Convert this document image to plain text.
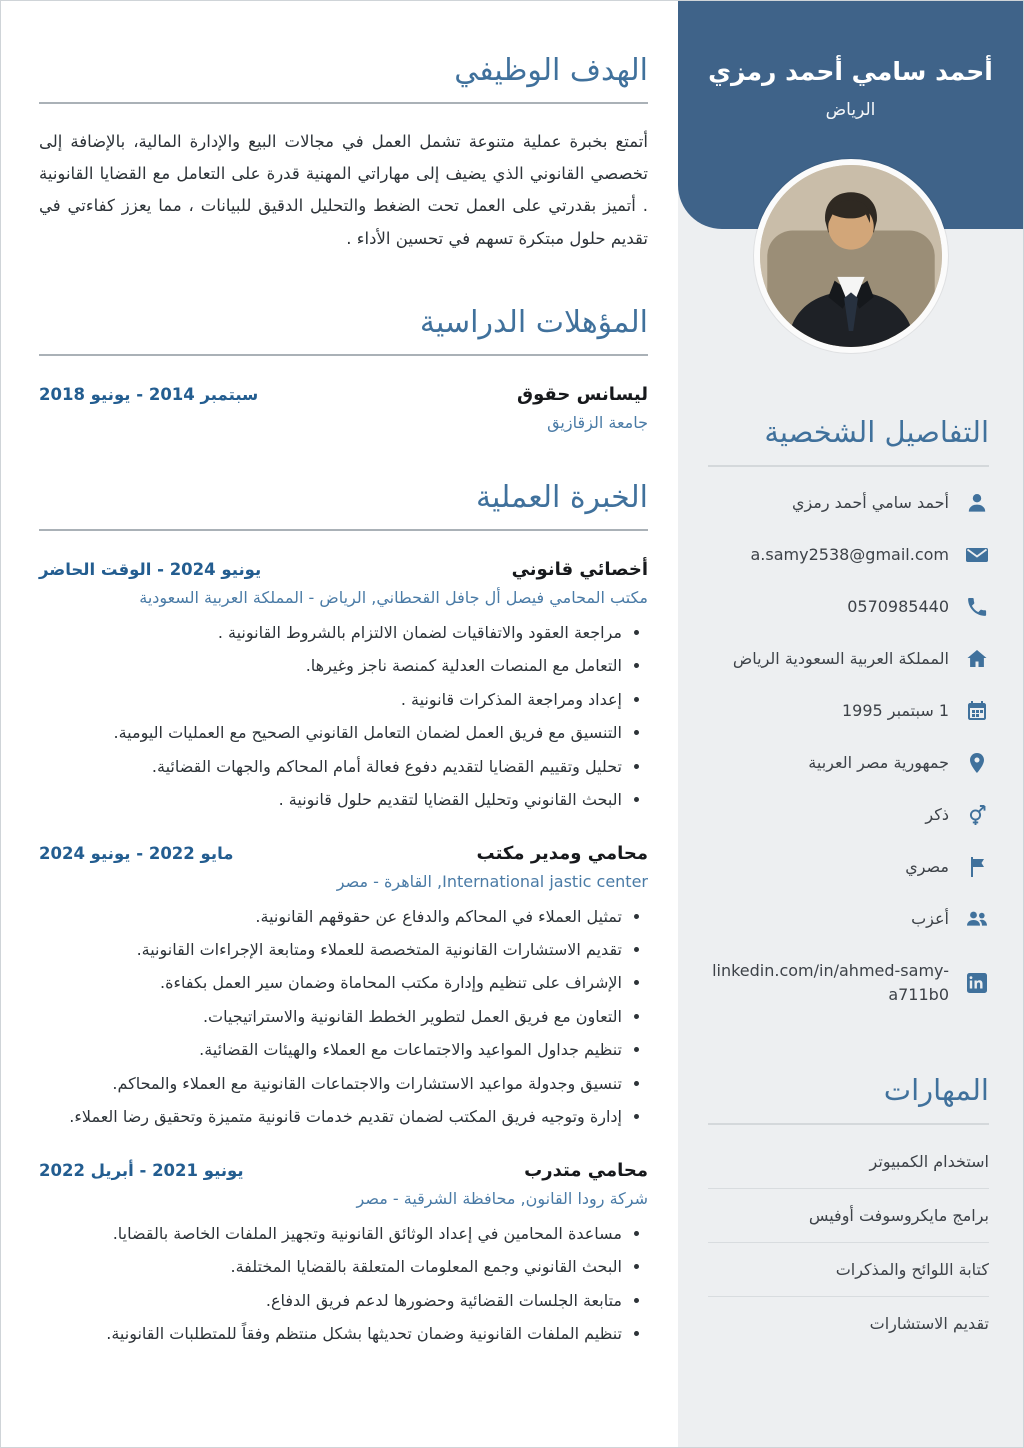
أحمد سامي أحمد رمزي
الرياض
التفاصيل الشخصية
أحمد سامي أحمد رمزي
a.samy2538@gmail.com
0570985440
المملكة العربية السعودية الرياض
1 سبتمبر 1995
جمهورية مصر العربية
ذكر
مصري
أعزب
linkedin.com/in/ahmed-samy-a711b0
المهارات
استخدام الكمبيوتر
برامج مايكروسوفت أوفيس
كتابة اللوائح والمذكرات
تقديم الاستشارات
الهدف الوظيفي

أتمتع بخبرة عملية متنوعة تشمل العمل في مجالات البيع والإدارة المالية، بالإضافة إلى تخصصي القانوني الذي يضيف إلى مهاراتي المهنية قدرة على التعامل مع القضايا القانونية . أتميز بقدرتي على العمل تحت الضغط والتحليل الدقيق للبيانات ، مما يعزز كفاءتي في تقديم حلول مبتكرة تسهم في تحسين الأداء .

المؤهلات الدراسية
ليسانس حقوق
سبتمبر 2014 - يونيو 2018
جامعة الزقازيق
الخبرة العملية
أخصائي قانوني
يونيو 2024 - الوقت الحاضر
مكتب المحامي فيصل أل جافل القحطاني, الرياض - المملكة العربية السعودية
• مراجعة العقود والاتفاقيات لضمان الالتزام بالشروط القانونية .
• التعامل مع المنصات العدلية كمنصة ناجز وغيرها.
• إعداد ومراجعة المذكرات قانونية .
• التنسيق مع فريق العمل لضمان التعامل القانوني الصحيح مع العمليات اليومية.
• تحليل وتقييم القضايا لتقديم دفوع فعالة أمام المحاكم والجهات القضائية.
• البحث القانوني وتحليل القضايا لتقديم حلول قانونية .
محامي ومدير مكتب
مايو 2022 - يونيو 2024
International jastic center, القاهرة - مصر
• تمثيل العملاء في المحاكم والدفاع عن حقوقهم القانونية.
• تقديم الاستشارات القانونية المتخصصة للعملاء ومتابعة الإجراءات القانونية.
• الإشراف على تنظيم وإدارة مكتب المحاماة وضمان سير العمل بكفاءة.
• التعاون مع فريق العمل لتطوير الخطط القانونية والاستراتيجيات.
• تنظيم جداول المواعيد والاجتماعات مع العملاء والهيئات القضائية.
• تنسيق وجدولة مواعيد الاستشارات والاجتماعات القانونية مع العملاء والمحاكم.
• إدارة وتوجيه فريق المكتب لضمان تقديم خدمات قانونية متميزة وتحقيق رضا العملاء.
محامي متدرب
يونيو 2021 - أبريل 2022
شركة رودا القانون, محافظة الشرقية - مصر
• مساعدة المحامين في إعداد الوثائق القانونية وتجهيز الملفات الخاصة بالقضايا.
• البحث القانوني وجمع المعلومات المتعلقة بالقضايا المختلفة.
• متابعة الجلسات القضائية وحضورها لدعم فريق الدفاع.
• تنظيم الملفات القانونية وضمان تحديثها بشكل منتظم وفقاً للمتطلبات القانونية.
